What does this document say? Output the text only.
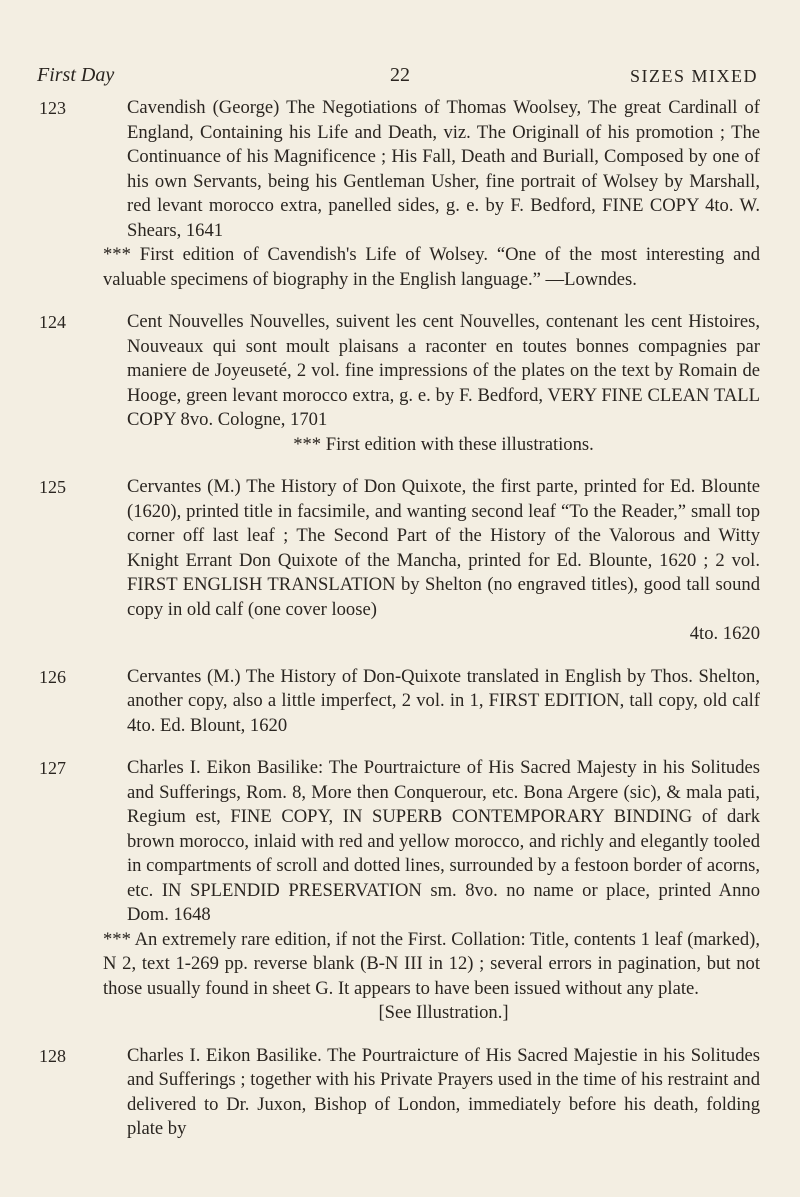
22
First Day	SIZES MIXED
123	Cavendish (George) The Negotiations of Thomas Woolsey, The great Cardinall of England, Containing his Life and Death, viz. The Originall of his promotion ; The Continuance of his Magnificence ; His Fall, Death and Buriall, Composed by one of his own Servants, being his Gentleman Usher, fine portrait of Wolsey by Marshall, red levant morocco extra, panelled sides, g. e. by F. Bedford, FINE COPY 4to. W. Shears, 1641

*** First edition of Cavendish's Life of Wolsey. “One of the most interesting and valuable specimens of biography in the English language.” —Lowndes.

124	Cent Nouvelles Nouvelles, suivent les cent Nouvelles, contenant les cent Histoires, Nouveaux qui sont moult plaisans a raconter en toutes bonnes compagnies par maniere de Joyeuseté, 2 vol. fine impressions of the plates on the text by Romain de Hooge, green levant morocco extra, g. e. by F. Bedford, VERY FINE CLEAN TALL COPY 8vo. Cologne, 1701

*** First edition with these illustrations.

125	Cervantes (M.) The History of Don Quixote, the first parte, printed for Ed. Blounte (1620), printed title in facsimile, and wanting second leaf “To the Reader,” small top corner off last leaf ; The Second Part of the History of the Valorous and Witty Knight Errant Don Quixote of the Mancha, printed for Ed. Blounte, 1620 ; 2 vol. FIRST ENGLISH TRANSLATION by Shelton (no engraved titles), good tall sound copy in old calf (one cover loose)

4to. 1620

126	Cervantes (M.) The History of Don-Quixote translated in English by Thos. Shelton, another copy, also a little imperfect, 2 vol. in 1, FIRST EDITION, tall copy, old calf 4to. Ed. Blount, 1620

127	Charles I. Eikon Basilike: The Pourtraicture of His Sacred Majesty in his Solitudes and Sufferings, Rom. 8, More then Conquerour, etc. Bona Argere (sic), & mala pati, Regium est, FINE COPY, IN SUPERB CONTEMPORARY BINDING of dark brown morocco, inlaid with red and yellow morocco, and richly and elegantly tooled in compartments of scroll and dotted lines, surrounded by a festoon border of acorns, etc. IN SPLENDID PRESERVATION sm. 8vo. no name or place, printed Anno Dom. 1648

*** An extremely rare edition, if not the First. Collation: Title, contents 1 leaf (marked), N 2, text 1-269 pp. reverse blank (B-N III in 12) ; several errors in pagination, but not those usually found in sheet G. It appears to have been issued without any plate.

[See Illustration.]

128	Charles I. Eikon Basilike. The Pourtraicture of His Sacred Majestie in his Solitudes and Sufferings ; together with his Private Prayers used in the time of his restraint and delivered to Dr. Juxon, Bishop of London, immediately before his death, folding plate by
